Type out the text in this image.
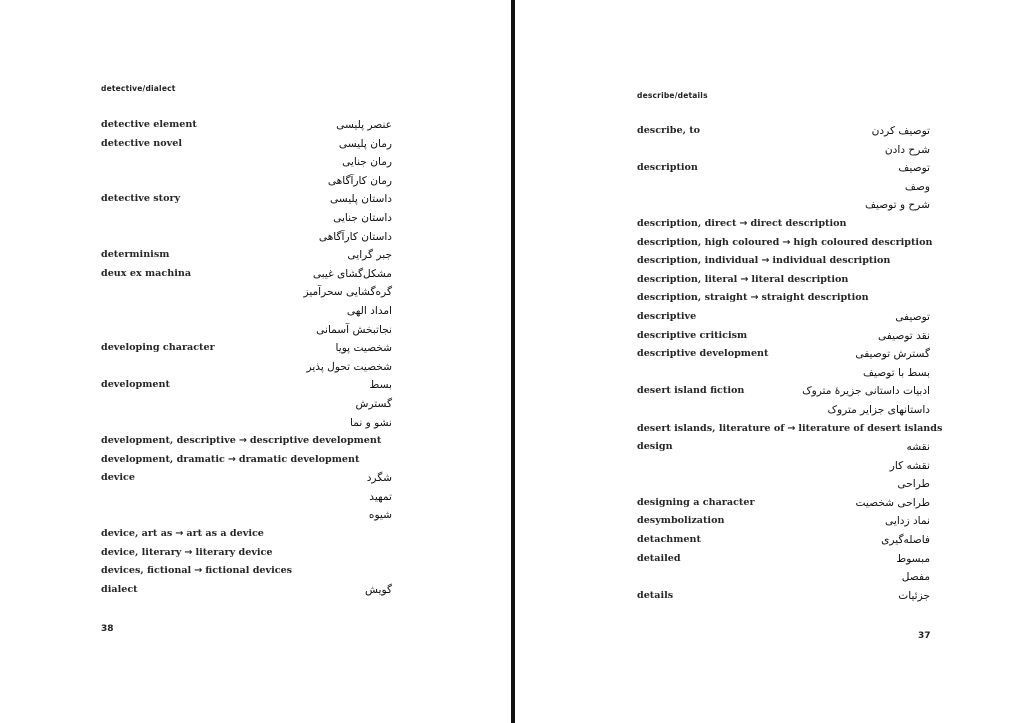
detective/dialect
detective element	عنصر پلیسی
detective novel	رمان پلیسی
رمان جنایی
رمان کارآگاهی
detective story	داستان پلیسی
داستان جنایی
داستان کارآگاهی
determinism	جبر گرایی
deux ex machina	مشکل‌گشای غیبی
گره‌گشایی سحرآمیز
امداد الهی
نجاتبخش آسمانی
developing character	شخصیت پویا
شخصیت تحول پذیر
development	بسط
گسترش
نشو و نما
development, descriptive → descriptive development
development, dramatic → dramatic development
device	شگرد
تمهید
شیوه
device, art as → art as a device
device, literary → literary device
devices, fictional → fictional devices
dialect	گویش
38
describe/details
describe, to	توصیف کردن
شرح دادن
description	توصیف
وصف
شرح و توصیف
description, direct → direct description
description, high coloured → high coloured description
description, individual → individual description
description, literal → literal description
description, straight → straight description
descriptive	توصیفی
descriptive criticism	نقد توصیفی
descriptive development	گسترش توصیفی
بسط با توصیف
desert island fiction	ادبیات داستانی جزیرهٔ متروک
داستانهای جزایر متروک
desert islands, literature of → literature of desert islands
design	نقشه
نقشه کار
طراحی
designing a character	طراحی شخصیت
desymbolization	نماد زدایی
detachment	فاصله‌گیری
detailed	مبسوط
مفصل
details	جزئیات
37
